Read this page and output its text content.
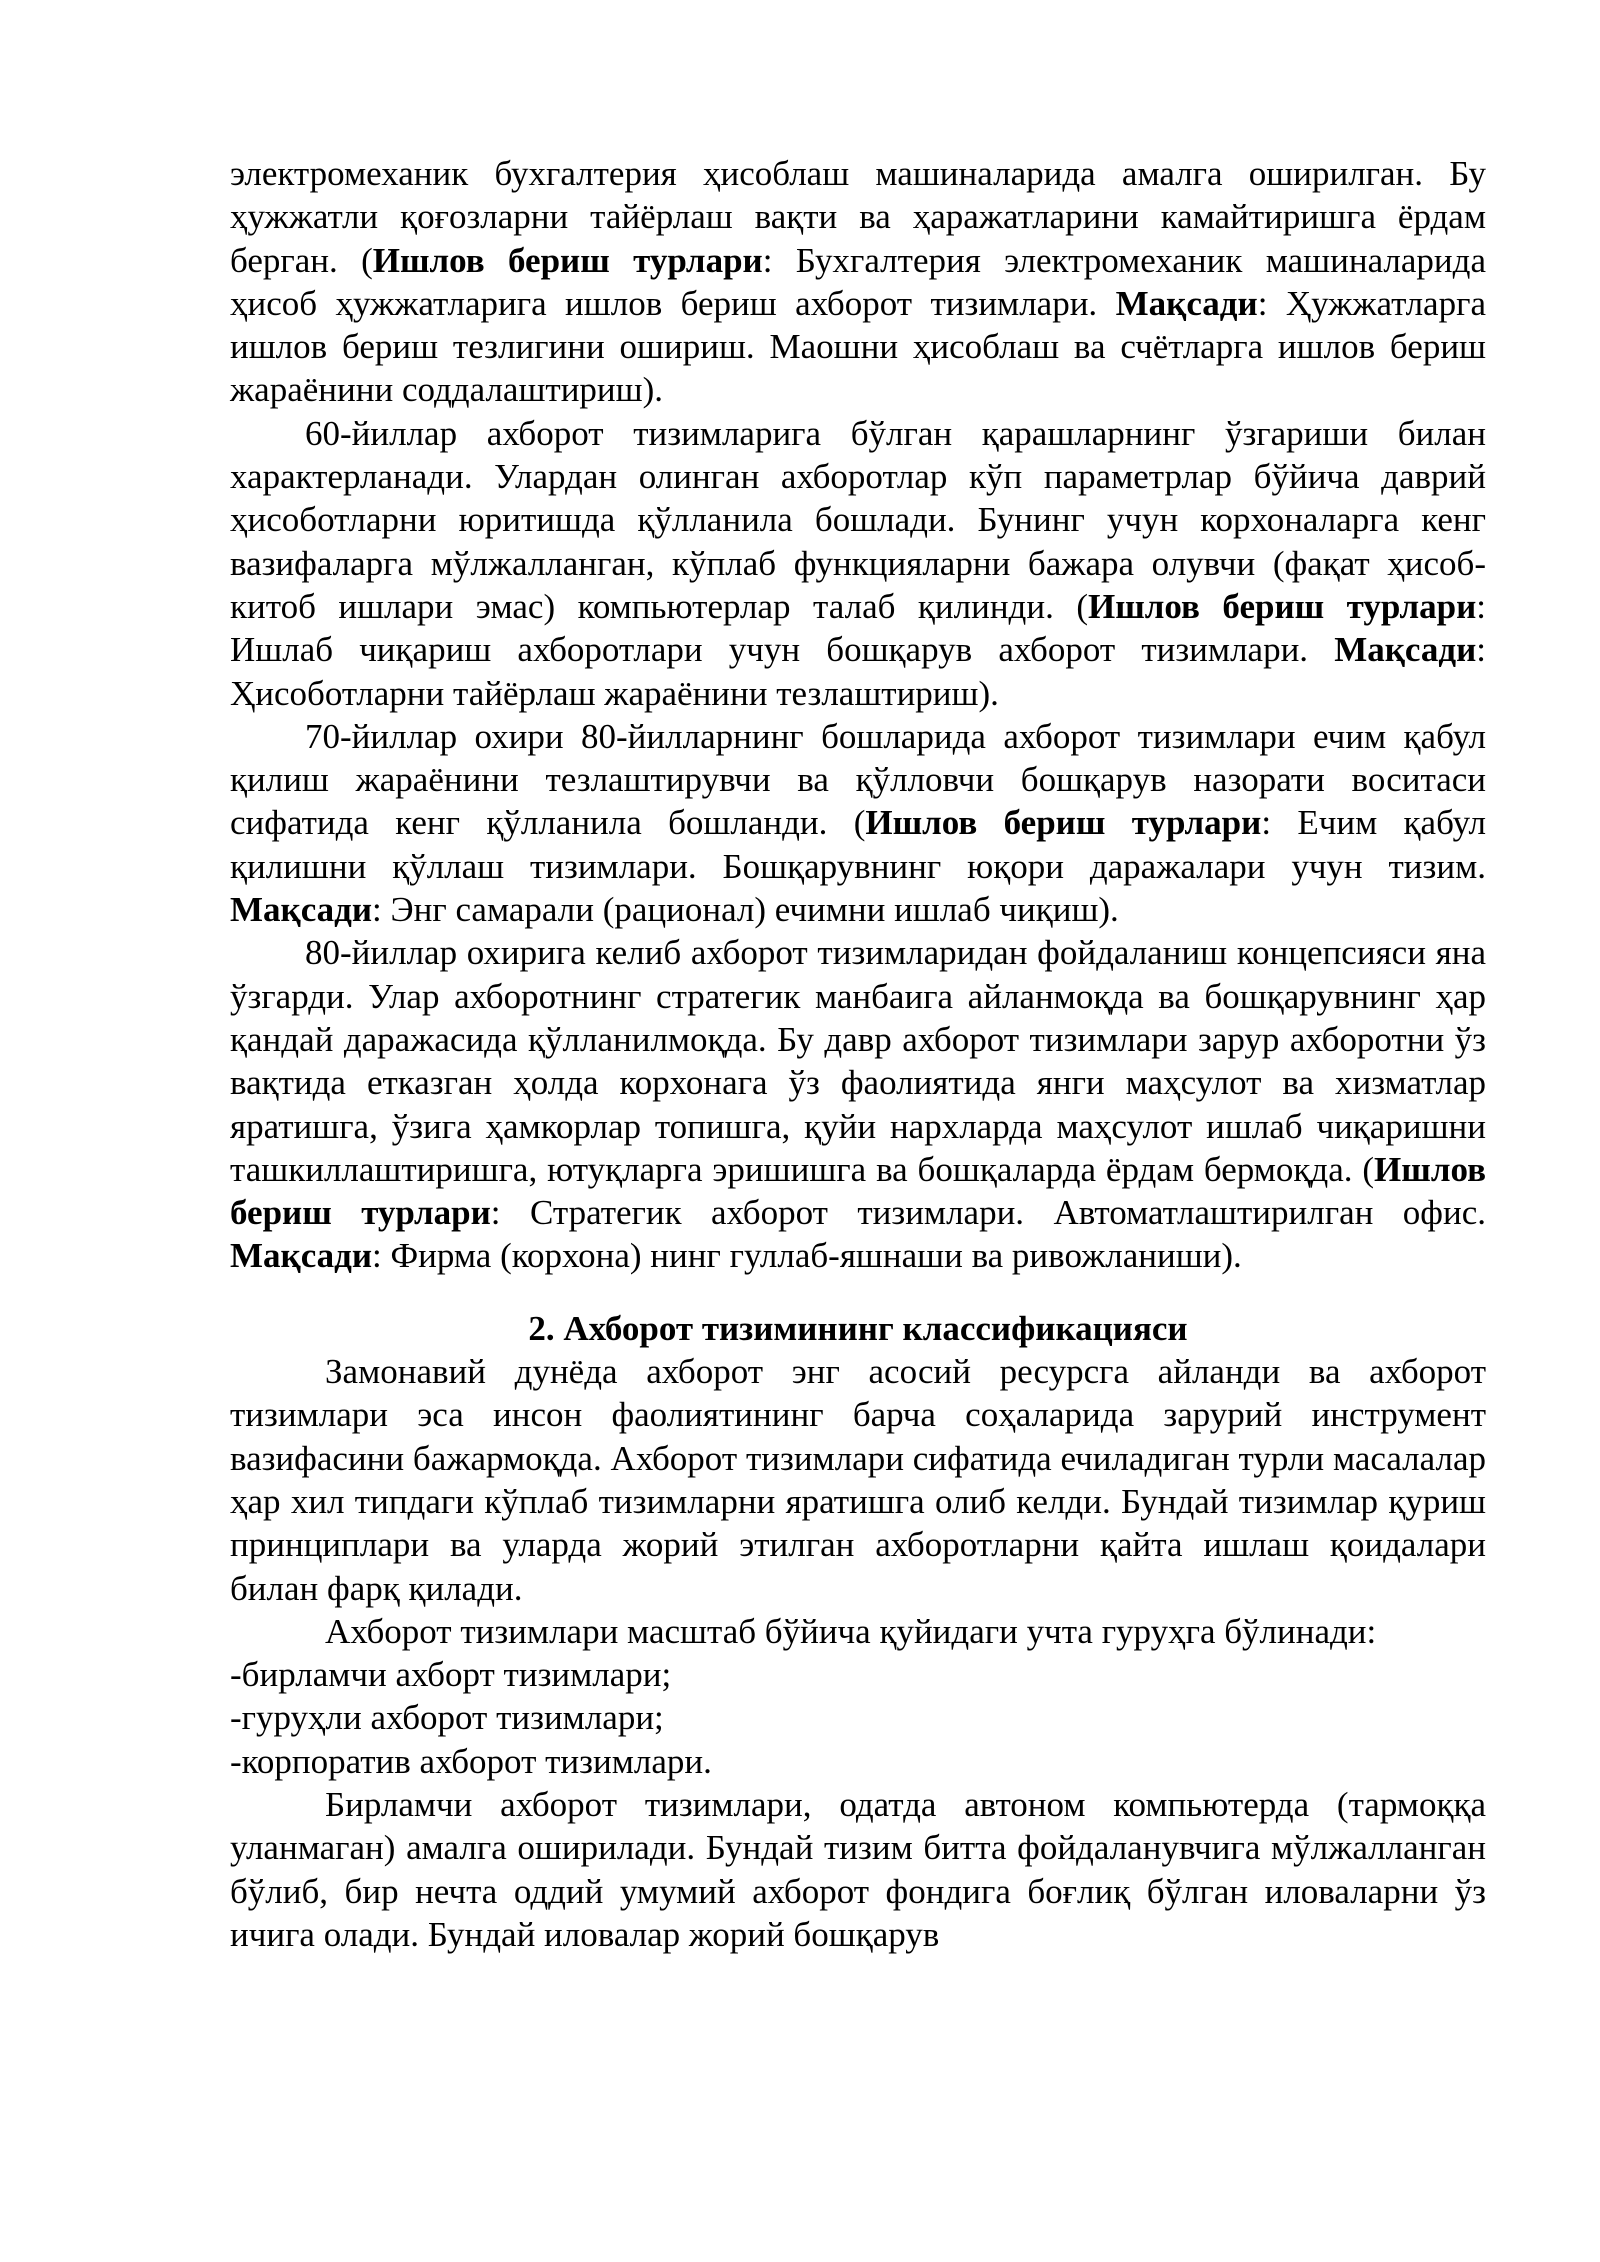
электромеханик бухгалтерия ҳисоблаш машиналарида амалга оширилган. Бу ҳужжатли қоғозларни тайёрлаш вақти ва ҳаражатларини камайтиришга ёрдам берган. (Ишлов бериш турлари: Бухгалтерия электромеханик машиналарида ҳисоб ҳужжатларига ишлов бериш ахборот тизимлари. Мақсади: Ҳужжатларга ишлов бериш тезлигини ошириш. Маошни ҳисоблаш ва счётларга ишлов бериш жараёнини соддалаштириш).

60-йиллар ахборот тизимларига бўлган қарашларнинг ўзгариши билан характерланади. Улардан олинган ахборотлар кўп параметрлар бўйича даврий ҳисоботларни юритишда қўлланила бошлади. Бунинг учун корхоналарга кенг вазифаларга мўлжалланган, кўплаб функцияларни бажара олувчи (фақат ҳисоб-китоб ишлари эмас) компьютерлар талаб қилинди. (Ишлов бериш турлари: Ишлаб чиқариш ахборотлари учун бошқарув ахборот тизимлари. Мақсади: Ҳисоботларни тайёрлаш жараёнини тезлаштириш).

70-йиллар охири 80-йилларнинг бошларида ахборот тизимлари ечим қабул қилиш жараёнини тезлаштирувчи ва қўлловчи бошқарув назорати воситаси сифатида кенг қўлланила бошланди. (Ишлов бериш турлари: Ечим қабул қилишни қўллаш тизимлари. Бошқарувнинг юқори даражалари учун тизим. Мақсади: Энг самарали (рационал) ечимни ишлаб чиқиш).

80-йиллар охирига келиб ахборот тизимларидан фойдаланиш концепсияси яна ўзгарди. Улар ахборотнинг стратегик манбаига айланмоқда ва бошқарувнинг ҳар қандай даражасида қўлланилмоқда. Бу давр ахборот тизимлари зарур ахборотни ўз вақтида етказган ҳолда корхонага ўз фаолиятида янги маҳсулот ва хизматлар яратишга, ўзига ҳамкорлар топишга, қуйи нархларда маҳсулот ишлаб чиқаришни ташкиллаштиришга, ютуқларга эришишга ва бошқаларда ёрдам бермоқда. (Ишлов бериш турлари: Стратегик ахборот тизимлари. Автоматлаштирилган офис. Мақсади: Фирма (корхона) нинг гуллаб-яшнаши ва ривожланиши).

2. Ахборот тизимининг классификацияси

Замонавий дунёда ахборот энг асосий ресурсга айланди ва ахборот тизимлари эса инсон фаолиятининг барча соҳаларида зарурий инструмент вазифасини бажармоқда. Ахборот тизимлари сифатида ечиладиган турли масалалар ҳар хил типдаги кўплаб тизимларни яратишга олиб келди. Бундай тизимлар қуриш принциплари ва уларда жорий этилган ахборотларни қайта ишлаш қоидалари билан фарқ қилади.

Ахборот тизимлари масштаб бўйича қуйидаги учта гуруҳга бўлинади:

-бирламчи ахборт тизимлари;

-гуруҳли ахборот тизимлари;

-корпоратив ахборот тизимлари.

Бирламчи ахборот тизимлари, одатда автоном компьютерда (тармоққа уланмаган) амалга оширилади. Бундай тизим битта фойдаланувчига мўлжалланган бўлиб, бир нечта оддий умумий ахборот фондига боғлиқ бўлган иловаларни ўз ичига олади. Бундай иловалар жорий бошқарув
